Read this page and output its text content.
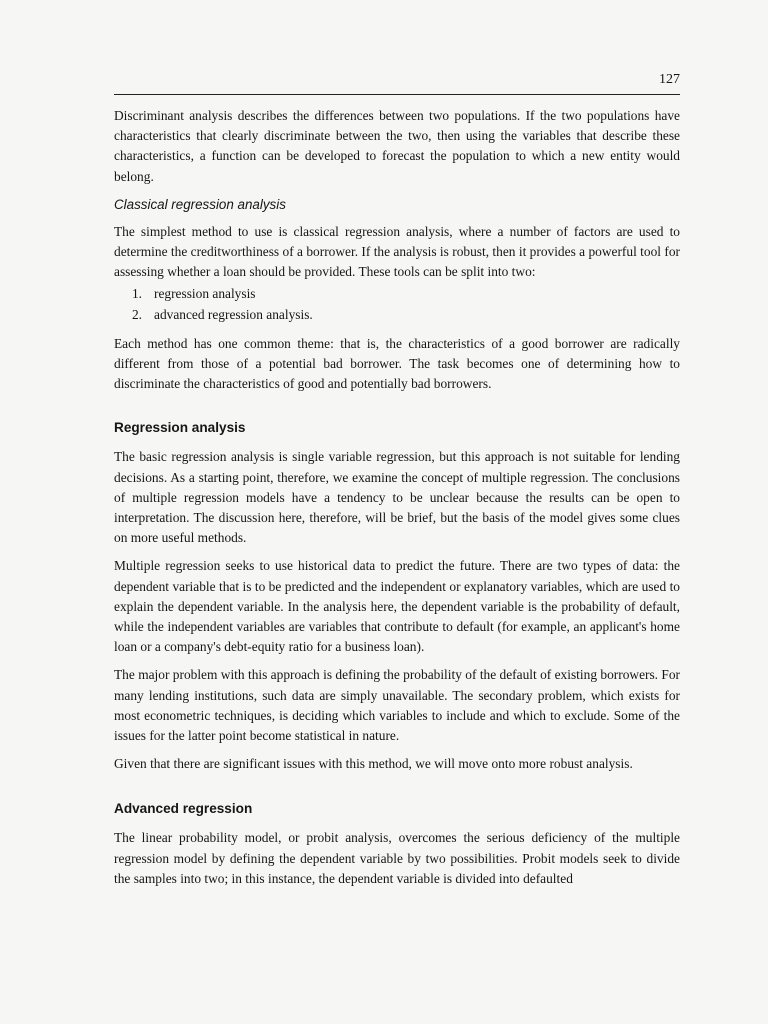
127

Discriminant analysis describes the differences between two populations. If the two populations have characteristics that clearly discriminate between the two, then using the variables that describe these characteristics, a function can be developed to forecast the population to which a new entity would belong.

Classical regression analysis

The simplest method to use is classical regression analysis, where a number of factors are used to determine the creditworthiness of a borrower. If the analysis is robust, then it provides a powerful tool for assessing whether a loan should be provided. These tools can be split into two:

1. regression analysis
2. advanced regression analysis.

Each method has one common theme: that is, the characteristics of a good borrower are radically different from those of a potential bad borrower. The task becomes one of determining how to discriminate the characteristics of good and potentially bad borrowers.

Regression analysis

The basic regression analysis is single variable regression, but this approach is not suitable for lending decisions. As a starting point, therefore, we examine the concept of multiple regression. The conclusions of multiple regression models have a tendency to be unclear because the results can be open to interpretation. The discussion here, therefore, will be brief, but the basis of the model gives some clues on more useful methods.

Multiple regression seeks to use historical data to predict the future. There are two types of data: the dependent variable that is to be predicted and the independent or explanatory variables, which are used to explain the dependent variable. In the analysis here, the dependent variable is the probability of default, while the independent variables are variables that contribute to default (for example, an applicant's home loan or a company's debt-equity ratio for a business loan).

The major problem with this approach is defining the probability of the default of existing borrowers. For many lending institutions, such data are simply unavailable. The secondary problem, which exists for most econometric techniques, is deciding which variables to include and which to exclude. Some of the issues for the latter point become statistical in nature.

Given that there are significant issues with this method, we will move onto more robust analysis.

Advanced regression

The linear probability model, or probit analysis, overcomes the serious deficiency of the multiple regression model by defining the dependent variable by two possibilities. Probit models seek to divide the samples into two; in this instance, the dependent variable is divided into defaulted
